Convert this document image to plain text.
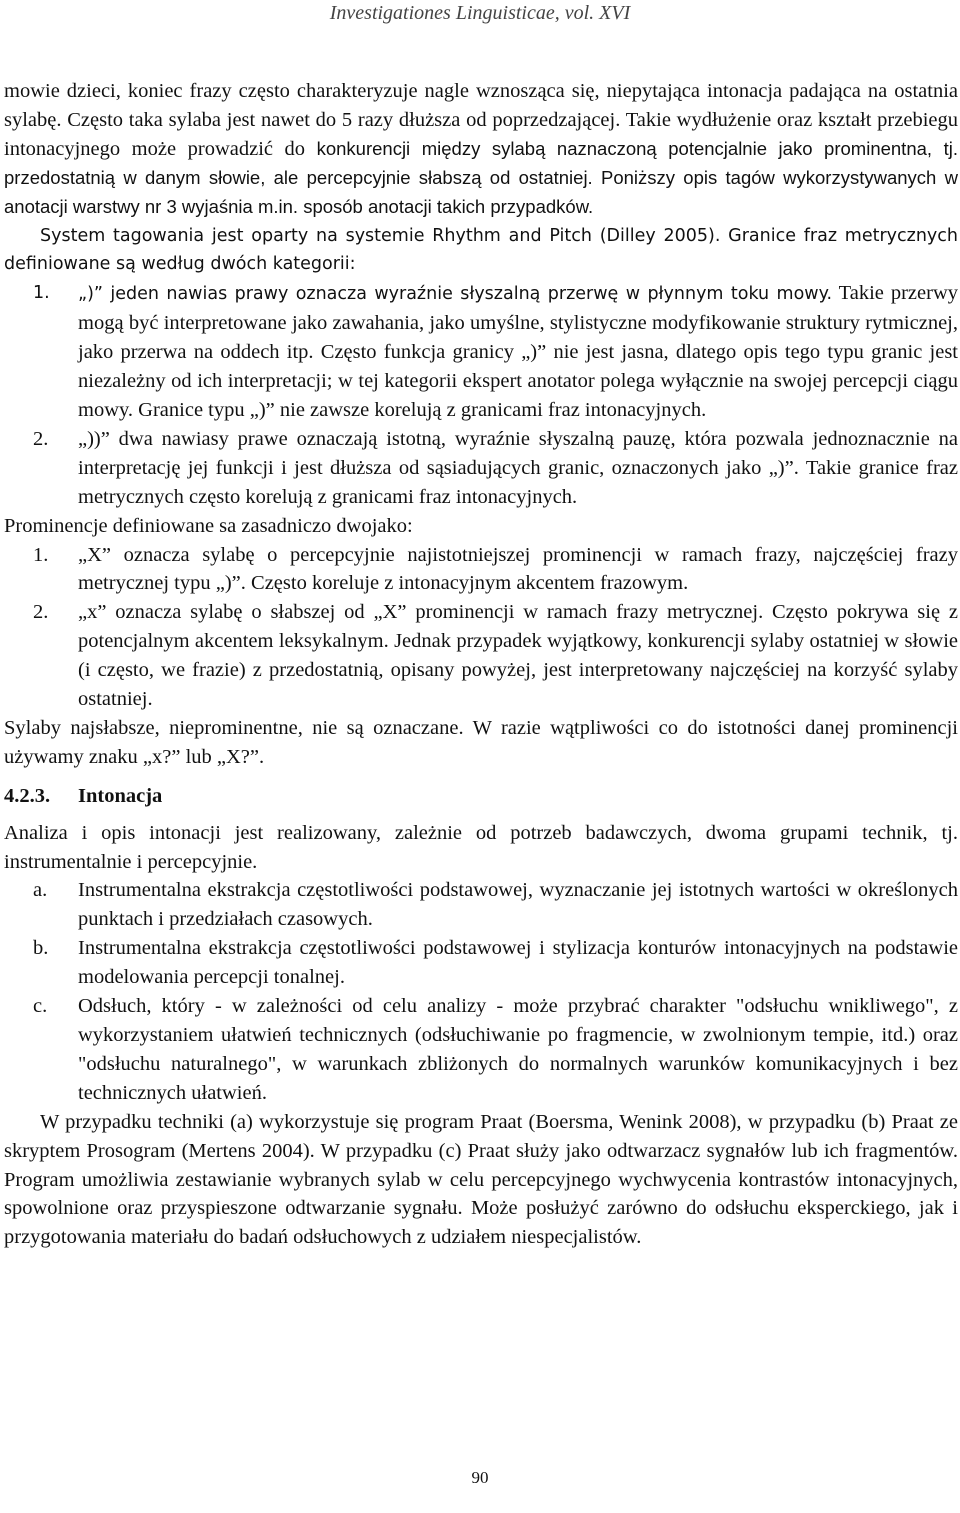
Investigationes Linguisticae, vol. XVI

mowie dzieci, koniec frazy często charakteryzuje nagle wznosząca się, niepytająca intonacja padająca na ostatnia sylabę. Często taka sylaba jest nawet do 5 razy dłuższa od poprzedzającej. Takie wydłużenie oraz kształt przebiegu intonacyjnego może prowadzić do konkurencji między sylabą naznaczoną potencjalnie jako prominentna, tj. przedostatnią w danym słowie, ale percepcyjnie słabszą od ostatniej. Poniższy opis tagów wykorzystywanych w anotacji warstwy nr 3 wyjaśnia m.in. sposób anotacji takich przypadków.

System tagowania jest oparty na systemie Rhythm and Pitch (Dilley 2005). Granice fraz metrycznych definiowane są według dwóch kategorii:

1.	„)” jeden nawias prawy oznacza wyraźnie słyszalną przerwę w płynnym toku mowy. Takie przerwy mogą być interpretowane jako zawahania, jako umyślne, stylistyczne modyfikowanie struktury rytmicznej, jako przerwa na oddech itp. Często funkcja granicy „)” nie jest jasna, dlatego opis tego typu granic jest niezależny od ich interpretacji; w tej kategorii ekspert anotator polega wyłącznie na swojej percepcji ciągu mowy. Granice typu „)” nie zawsze korelują z granicami fraz intonacyjnych.
2.	„))” dwa nawiasy prawe oznaczają istotną, wyraźnie słyszalną pauzę, która pozwala jednoznacznie na interpretację jej funkcji i jest dłuższa od sąsiadujących granic, oznaczonych jako „)”. Takie granice fraz metrycznych często korelują z granicami fraz intonacyjnych.

Prominencje definiowane sa zasadniczo dwojako:

1.	„X” oznacza sylabę o percepcyjnie najistotniejszej prominencji w ramach frazy, najczęściej frazy metrycznej typu „)”. Często koreluje z intonacyjnym akcentem frazowym.
2.	„x” oznacza sylabę o słabszej od „X” prominencji w ramach frazy metrycznej. Często pokrywa się z potencjalnym akcentem leksykalnym. Jednak przypadek wyjątkowy, konkurencji sylaby ostatniej w słowie (i często, we frazie) z przedostatnią, opisany powyżej, jest interpretowany najczęściej na korzyść sylaby ostatniej.

Sylaby najsłabsze, nieprominentne, nie są oznaczane. W razie wątpliwości co do istotności danej prominencji używamy znaku „x?” lub „X?”.

4.2.3. Intonacja

Analiza i opis intonacji jest realizowany, zależnie od potrzeb badawczych, dwoma grupami technik, tj. instrumentalnie i percepcyjnie.

a.	Instrumentalna ekstrakcja częstotliwości podstawowej, wyznaczanie jej istotnych wartości w określonych punktach i przedziałach czasowych.
b.	Instrumentalna ekstrakcja częstotliwości podstawowej i stylizacja konturów intonacyjnych na podstawie modelowania percepcji tonalnej.
c.	Odsłuch, który - w zależności od celu analizy - może przybrać charakter "odsłuchu wnikliwego", z wykorzystaniem ułatwień technicznych (odsłuchiwanie po fragmencie, w zwolnionym tempie, itd.) oraz "odsłuchu naturalnego", w warunkach zbliżonych do normalnych warunków komunikacyjnych i bez technicznych ułatwień.

W przypadku techniki (a) wykorzystuje się program Praat (Boersma, Wenink 2008), w przypadku (b) Praat ze skryptem Prosogram (Mertens 2004). W przypadku (c) Praat służy jako odtwarzacz sygnałów lub ich fragmentów. Program umożliwia zestawianie wybranych sylab w celu percepcyjnego wychwycenia kontrastów intonacyjnych, spowolnione oraz przyspieszone odtwarzanie sygnału. Może posłużyć zarówno do odsłuchu eksperckiego, jak i przygotowania materiału do badań odsłuchowych z udziałem niespecjalistów.

90
